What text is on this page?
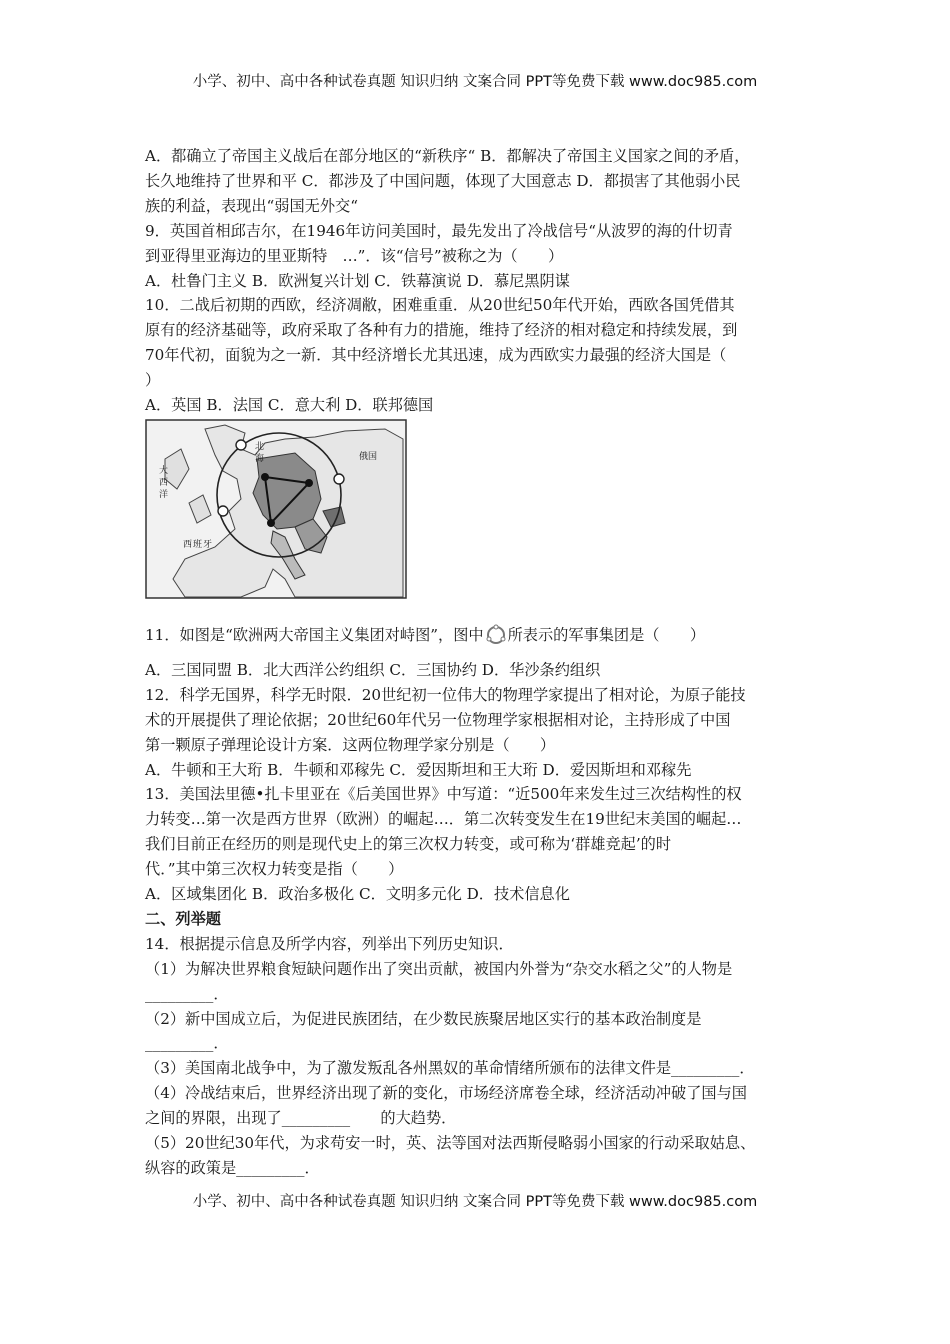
小学、初中、高中各种试卷真题 知识归纳 文案合同 PPT等免费下载 www.doc985.com

A．都确立了帝国主义战后在部分地区的“新秩序“ B．都解决了帝国主义国家之间的矛盾，

长久地维持了世界和平 C．都涉及了中国问题，体现了大国意志 D．都损害了其他弱小民

族的利益，表现出“弱国无外交“

9．英国首相邱吉尔，在1946年访问美国时，最先发出了冷战信号“从波罗的海的什切青

到亚得里亚海边的里亚斯特　…”．该“信号”被称之为（　　）

A．杜鲁门主义 B．欧洲复兴计划 C．铁幕演说 D．慕尼黑阴谋

10．二战后初期的西欧，经济凋敝，困难重重．从20世纪50年代开始，西欧各国凭借其

原有的经济基础等，政府采取了各种有力的措施，维持了经济的相对稳定和持续发展，到

70年代初，面貌为之一新．其中经济增长尤其迅速，成为西欧实力最强的经济大国是（

）

A．英国 B．法国 C．意大利 D．联邦德国

大
西
洋
西 班 牙
俄国
北
海

11．如图是“欧洲两大帝国主义集团对峙图”，图中 所表示的军事集团是（　　）

A．三国同盟 B．北大西洋公约组织 C．三国协约 D．华沙条约组织

12．科学无国界，科学无时限．20世纪初一位伟大的物理学家提出了相对论，为原子能技

术的开展提供了理论依据；20世纪60年代另一位物理学家根据相对论，主持形成了中国

第一颗原子弹理论设计方案．这两位物理学家分别是（　　）

A．牛顿和王大珩 B．牛顿和邓稼先 C．爱因斯坦和王大珩 D．爱因斯坦和邓稼先

13．美国法里德•扎卡里亚在《后美国世界》中写道：“近500年来发生过三次结构性的权

力转变…第一次是西方世界（欧洲）的崛起…．第二次转变发生在19世纪末美国的崛起…

我们目前正在经历的则是现代史上的第三次权力转变，或可称为‘群雄竞起’的时

代．”其中第三次权力转变是指（　　）

A．区域集团化 B．政治多极化 C．文明多元化 D．技术信息化

二、列举题

14．根据提示信息及所学内容，列举出下列历史知识．

（1）为解决世界粮食短缺问题作出了突出贡献，被国内外誉为“杂交水稻之父”的人物是

_________．

（2）新中国成立后，为促进民族团结，在少数民族聚居地区实行的基本政治制度是

_________．

（3）美国南北战争中，为了激发叛乱各州黑奴的革命情绪所颁布的法律文件是_________．

（4）冷战结束后，世界经济出现了新的变化，市场经济席卷全球，经济活动冲破了国与国

之间的界限，出现了_________　　的大趋势．

（5）20世纪30年代，为求苟安一时，英、法等国对法西斯侵略弱小国家的行动采取姑息、

纵容的政策是_________．

小学、初中、高中各种试卷真题 知识归纳 文案合同 PPT等免费下载 www.doc985.com
